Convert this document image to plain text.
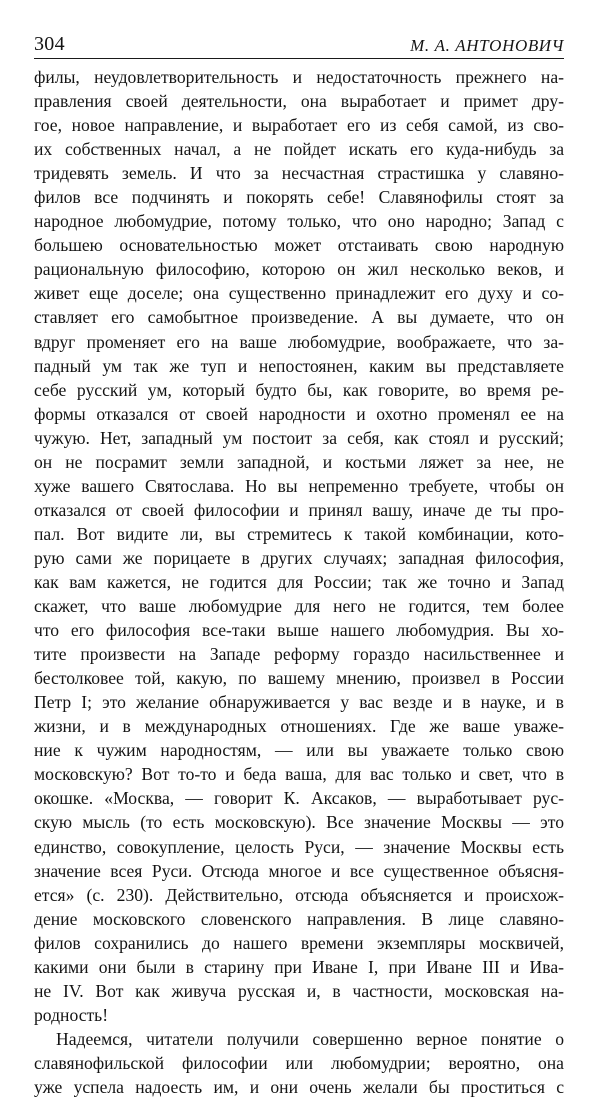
304	М. А. АНТОНОВИЧ
филы, неудовлетворительность и недостаточность прежнего на-
правления своей деятельности, она выработает и примет дру-
гое, новое направление, и выработает его из себя самой, из сво-
их собственных начал, а не пойдет искать его куда-нибудь за
тридевять земель. И что за несчастная страстишка у славяно-
филов все подчинять и покорять себе! Славянофилы стоят за
народное любомудрие, потому только, что оно народно; Запад с
большею основательностью может отстаивать свою народную
рациональную философию, которою он жил несколько веков, и
живет еще доселе; она существенно принадлежит его духу и со-
ставляет его самобытное произведение. А вы думаете, что он
вдруг променяет его на ваше любомудрие, воображаете, что за-
падный ум так же туп и непостоянен, каким вы представляете
себе русский ум, который будто бы, как говорите, во время ре-
формы отказался от своей народности и охотно променял ее на
чужую. Нет, западный ум постоит за себя, как стоял и русский;
он не посрамит земли западной, и костьми ляжет за нее, не
хуже вашего Святослава. Но вы непременно требуете, чтобы он
отказался от своей философии и принял вашу, иначе де ты про-
пал. Вот видите ли, вы стремитесь к такой комбинации, кото-
рую сами же порицаете в других случаях; западная философия,
как вам кажется, не годится для России; так же точно и Запад
скажет, что ваше любомудрие для него не годится, тем более
что его философия все-таки выше нашего любомудрия. Вы хо-
тите произвести на Западе реформу гораздо насильственнее и
бестолковее той, какую, по вашему мнению, произвел в России
Петр I; это желание обнаруживается у вас везде и в науке, и в
жизни, и в международных отношениях. Где же ваше уваже-
ние к чужим народностям, — или вы уважаете только свою
московскую? Вот то-то и беда ваша, для вас только и свет, что в
окошке. «Москва, — говорит К. Аксаков, — выработывает рус-
скую мысль (то есть московскую). Все значение Москвы — это
единство, совокупление, целость Руси, — значение Москвы есть
значение всея Руси. Отсюда многое и все существенное объясня-
ется» (с. 230). Действительно, отсюда объясняется и происхож-
дение московского словенского направления. В лице славяно-
филов сохранились до нашего времени экземпляры москвичей,
какими они были в старину при Иване I, при Иване III и Ива-
не IV. Вот как живуча русская и, в частности, московская на-
родность!
Надеемся, читатели получили совершенно верное понятие о
славянофильской философии или любомудрии; вероятно, она
уже успела надоесть им, и они очень желали бы проститься с
